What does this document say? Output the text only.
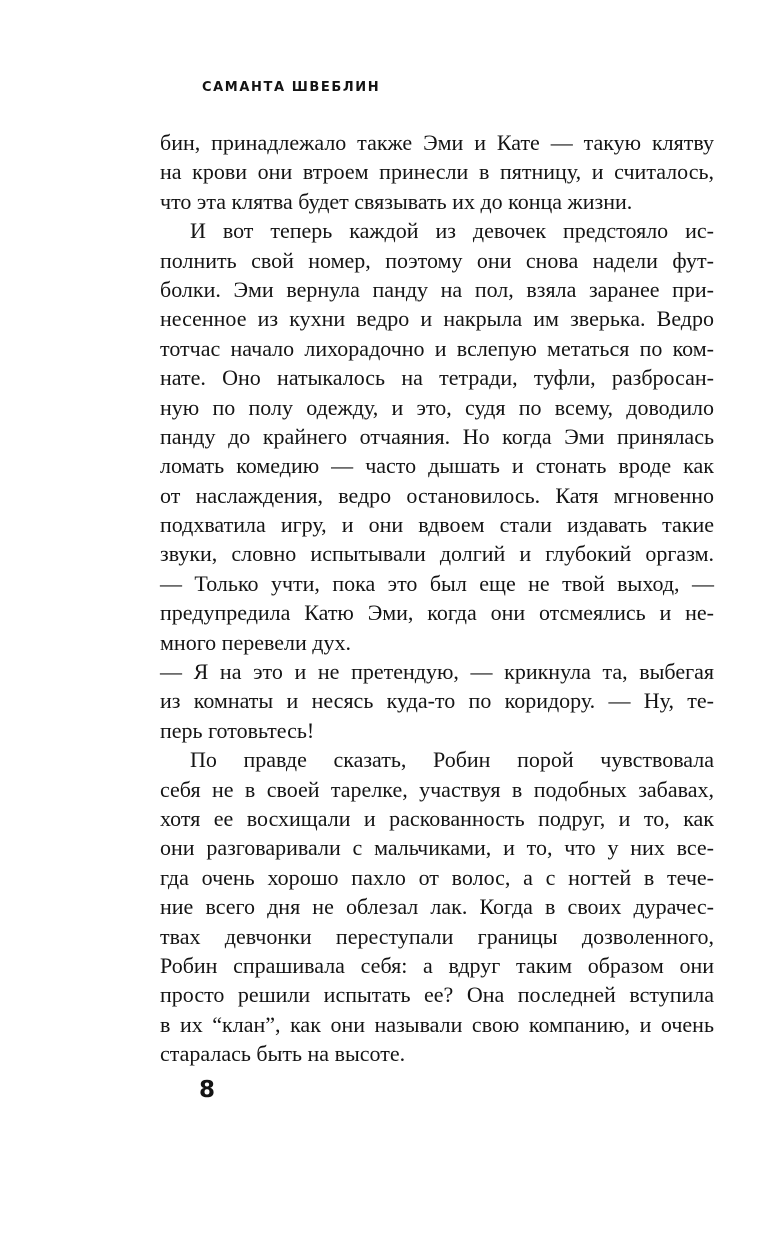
САМАНТА ШВЕБЛИН
бин, принадлежало также Эми и Кате — такую клятву
на крови они втроем принесли в пятницу, и считалось,
что эта клятва будет связывать их до конца жизни.
И вот теперь каждой из девочек предстояло ис-
полнить свой номер, поэтому они снова надели фут-
болки. Эми вернула панду на пол, взяла заранее при-
несенное из кухни ведро и накрыла им зверька. Ведро
тотчас начало лихорадочно и вслепую метаться по ком-
нате. Оно натыкалось на тетради, туфли, разбросан-
ную по полу одежду, и это, судя по всему, доводило
панду до крайнего отчаяния. Но когда Эми принялась
ломать комедию — часто дышать и стонать вроде как
от наслаждения, ведро остановилось. Катя мгновенно
подхватила игру, и они вдвоем стали издавать такие
звуки, словно испытывали долгий и глубокий оргазм.
— Только учти, пока это был еще не твой выход, —
предупредила Катю Эми, когда они отсмеялись и не-
много перевели дух.
— Я на это и не претендую, — крикнула та, выбегая
из комнаты и несясь куда-то по коридору. — Ну, те-
перь готовьтесь!
По правде сказать, Робин порой чувствовала
себя не в своей тарелке, участвуя в подобных забавах,
хотя ее восхищали и раскованность подруг, и то, как
они разговаривали с мальчиками, и то, что у них все-
гда очень хорошо пахло от волос, а с ногтей в тече-
ние всего дня не облезал лак. Когда в своих дурачес-
твах девчонки переступали границы дозволенного,
Робин спрашивала себя: а вдруг таким образом они
просто решили испытать ее? Она последней вступила
в их “клан”, как они называли свою компанию, и очень
старалась быть на высоте.
8
